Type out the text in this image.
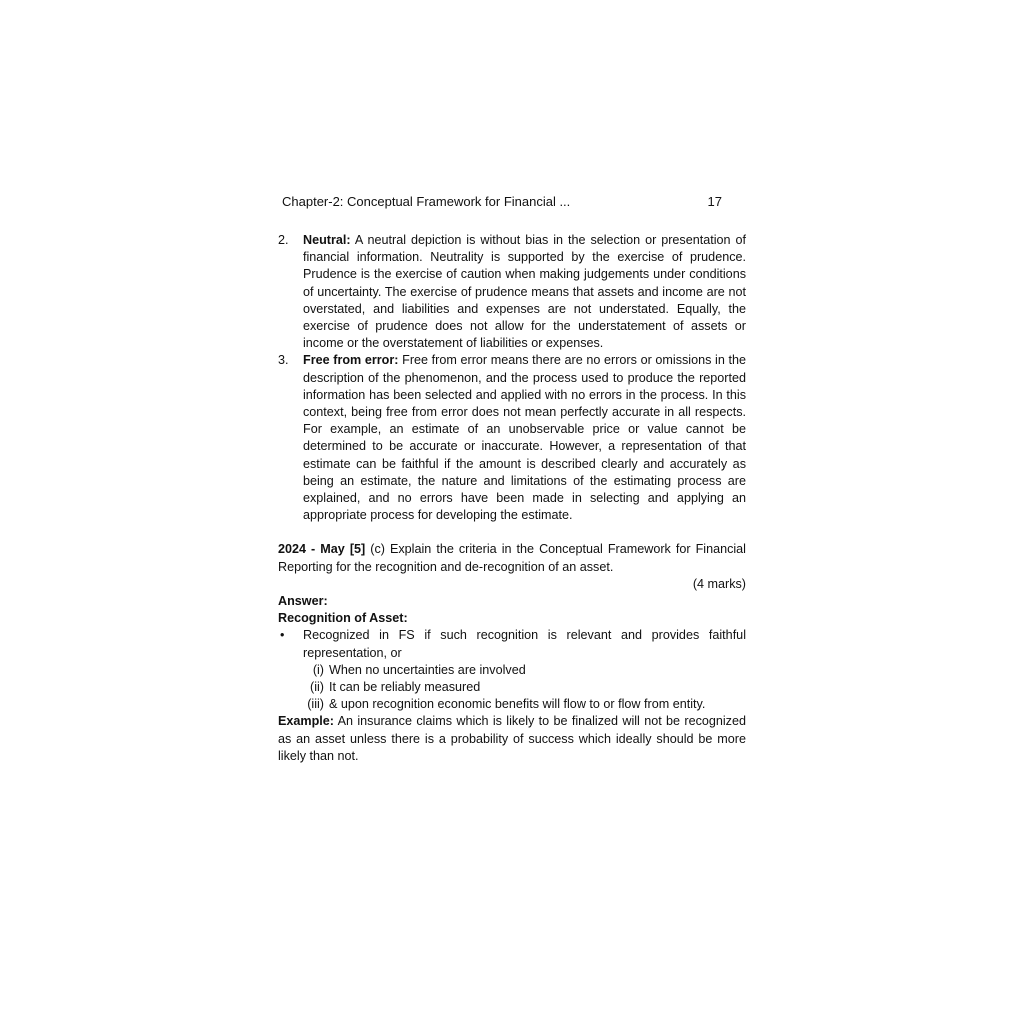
Chapter-2: Conceptual Framework for Financial ...	17
2. Neutral: A neutral depiction is without bias in the selection or presentation of financial information. Neutrality is supported by the exercise of prudence. Prudence is the exercise of caution when making judgements under conditions of uncertainty. The exercise of prudence means that assets and income are not overstated, and liabilities and expenses are not understated. Equally, the exercise of prudence does not allow for the understatement of assets or income or the overstatement of liabilities or expenses.
3. Free from error: Free from error means there are no errors or omissions in the description of the phenomenon, and the process used to produce the reported information has been selected and applied with no errors in the process. In this context, being free from error does not mean perfectly accurate in all respects. For example, an estimate of an unobservable price or value cannot be determined to be accurate or inaccurate. However, a representation of that estimate can be faithful if the amount is described clearly and accurately as being an estimate, the nature and limitations of the estimating process are explained, and no errors have been made in selecting and applying an appropriate process for developing the estimate.
2024 - May [5] (c) Explain the criteria in the Conceptual Framework for Financial Reporting for the recognition and de-recognition of an asset.
(4 marks)
Answer:
Recognition of Asset:
• Recognized in FS if such recognition is relevant and provides faithful representation, or
(i) When no uncertainties are involved
(ii) It can be reliably measured
(iii) & upon recognition economic benefits will flow to or flow from entity.
Example: An insurance claims which is likely to be finalized will not be recognized as an asset unless there is a probability of success which ideally should be more likely than not.
